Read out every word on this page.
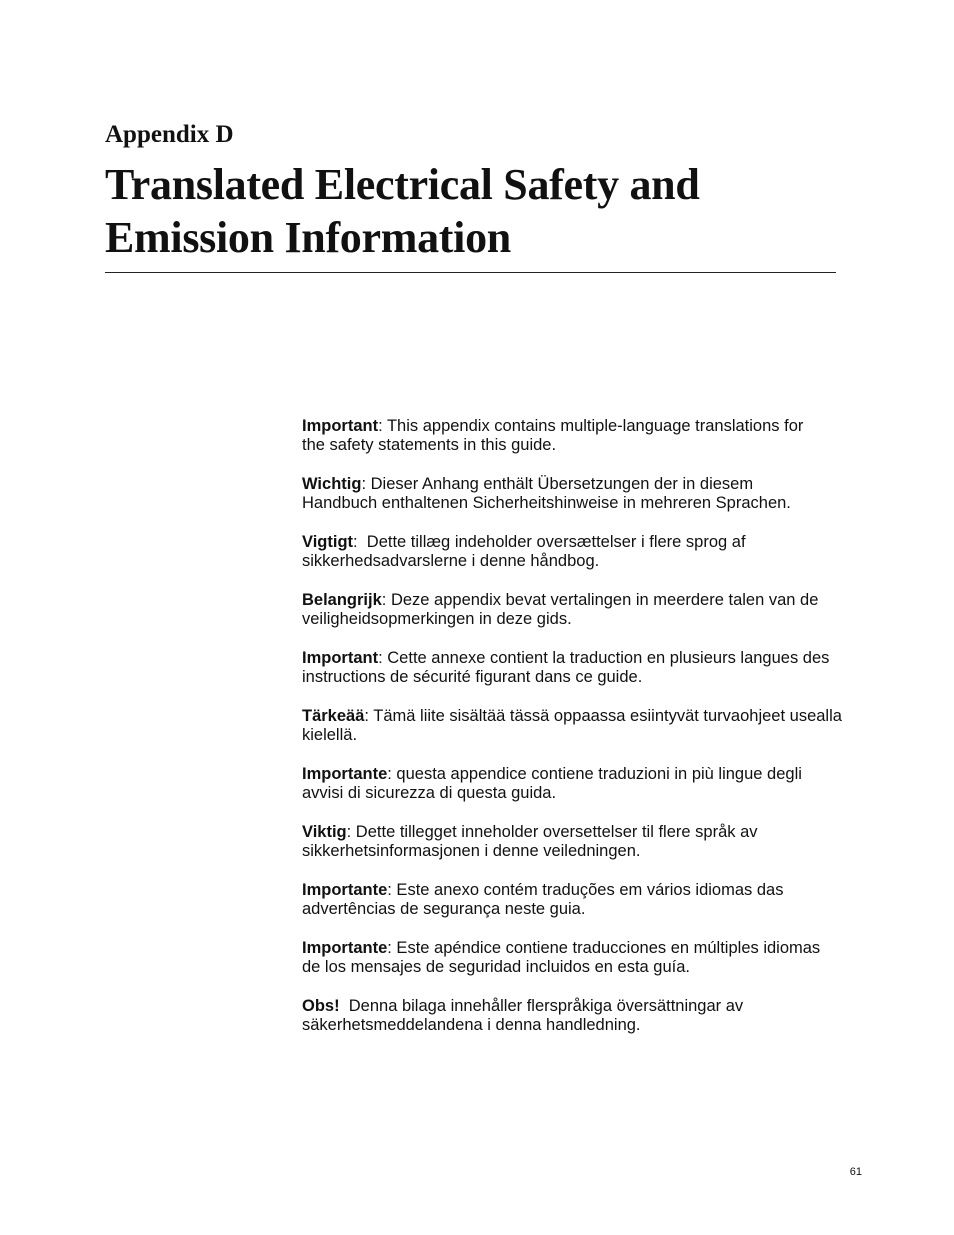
Appendix D

Translated Electrical Safety and
Emission Information

Important: This appendix contains multiple-language translations for
the safety statements in this guide.

Wichtig: Dieser Anhang enthält Übersetzungen der in diesem
Handbuch enthaltenen Sicherheitshinweise in mehreren Sprachen.

Vigtigt:  Dette tillæg indeholder oversættelser i flere sprog af
sikkerhedsadvarslerne i denne håndbog.

Belangrijk: Deze appendix bevat vertalingen in meerdere talen van de
veiligheidsopmerkingen in deze gids.

Important: Cette annexe contient la traduction en plusieurs langues des
instructions de sécurité figurant dans ce guide.

Tärkeää: Tämä liite sisältää tässä oppaassa esiintyvät turvaohjeet usealla
kielellä.

Importante: questa appendice contiene traduzioni in più lingue degli
avvisi di sicurezza di questa guida.

Viktig: Dette tillegget inneholder oversettelser til flere språk av
sikkerhetsinformasjonen i denne veiledningen.

Importante: Este anexo contém traduções em vários idiomas das
advertências de segurança neste guia.

Importante: Este apéndice contiene traducciones en múltiples idiomas
de los mensajes de seguridad incluidos en esta guía.

Obs!  Denna bilaga innehåller flerspråkiga översättningar av
säkerhetsmeddelandena i denna handledning.

61
